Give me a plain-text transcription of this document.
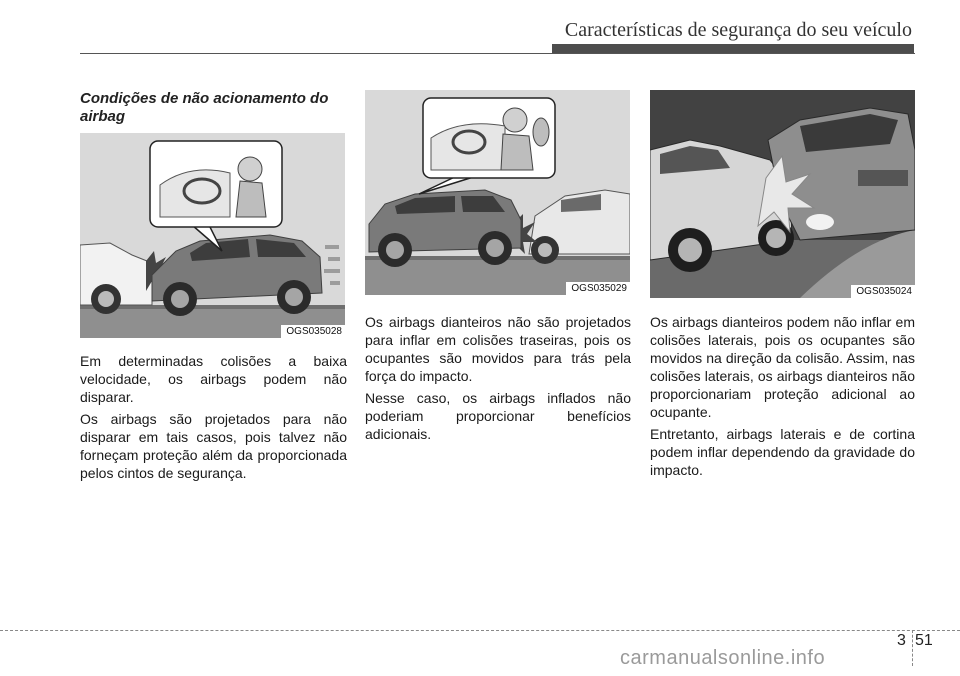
Características de segurança do seu veículo
Condições de não acionamento do airbag
OGS035028
OGS035029	OGS035024

Em determinadas colisões a baixa velocidade, os airbags podem não disparar.

Os airbags são projetados para não disparar em tais casos, pois talvez não forneçam proteção além da proporcionada pelos cintos de segurança.

Os airbags dianteiros não são projetados para inflar em colisões traseiras, pois os ocupantes são movidos para trás pela força do impacto.

Nesse caso, os airbags inflados não poderiam proporcionar benefícios adicionais.

Os airbags dianteiros podem não inflar em colisões laterais, pois os ocupantes são movidos na direção da colisão. Assim, nas colisões laterais, os airbags dianteiros não proporcionariam proteção adicional ao ocupante.

Entretanto, airbags laterais e de cortina podem inflar dependendo da gravidade do impacto.

3 51
carmanualsonline.info
